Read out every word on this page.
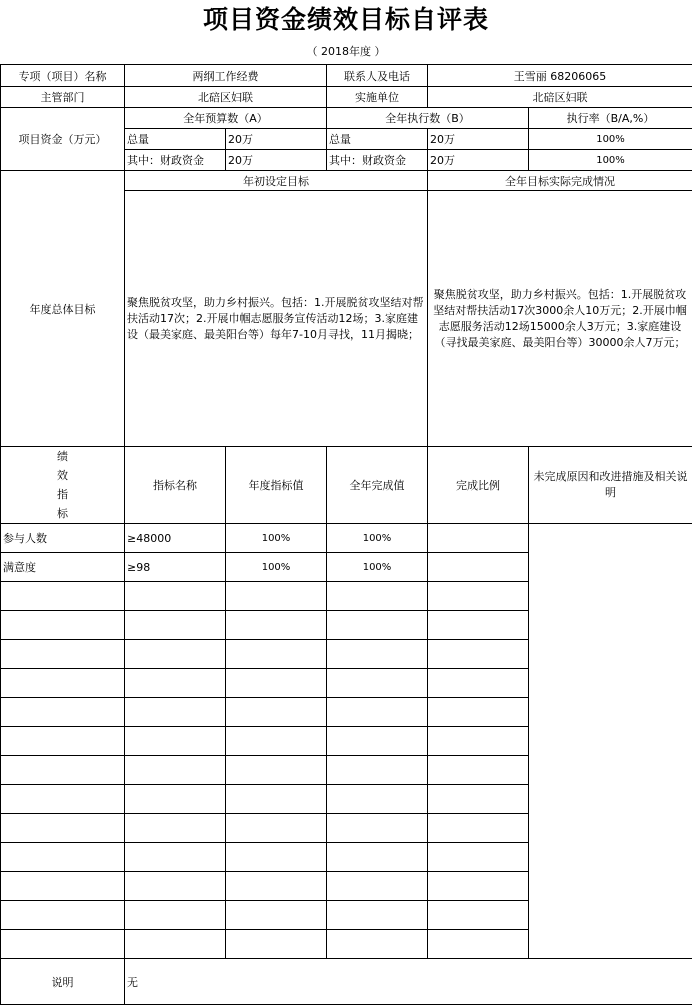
项目资金绩效目标自评表
（ 2018年度 ）
专项（项目）名称	两纲工作经费		联系人及电话	王雪丽 68206065	
主管部门	北碚区妇联		实施单位	北碚区妇联	
项目资金（万元）	全年预算数（A）		全年执行数（B）		执行率（B/A,%）
	总量	20万	总量	20万	100%
	其中：财政资金	20万	其中：财政资金	20万	100%
年度总体目标	年初设定目标			全年目标实际完成情况	
	聚焦脱贫攻坚，助力乡村振兴。包括：1.开展脱贫攻坚结对帮扶活动17次；2.开展巾帼志愿服务宣传活动12场；3.家庭建设（最美家庭、最美阳台等）每年7-10月寻找，11月揭晓；			聚焦脱贫攻坚，助力乡村振兴。包括：1.开展脱贫攻坚结对帮扶活动17次3000余人10万元；2.开展巾帼志愿服务活动12场15000余人3万元；3.家庭建设（寻找最美家庭、最美阳台等）30000余人7万元；	
绩效指标	指标名称	年度指标值	全年完成值	完成比例	未完成原因和改进措施及相关说明
参与人数	≥48000	100%	100%		
满意度	≥98	100%	100%		

说明	无				
